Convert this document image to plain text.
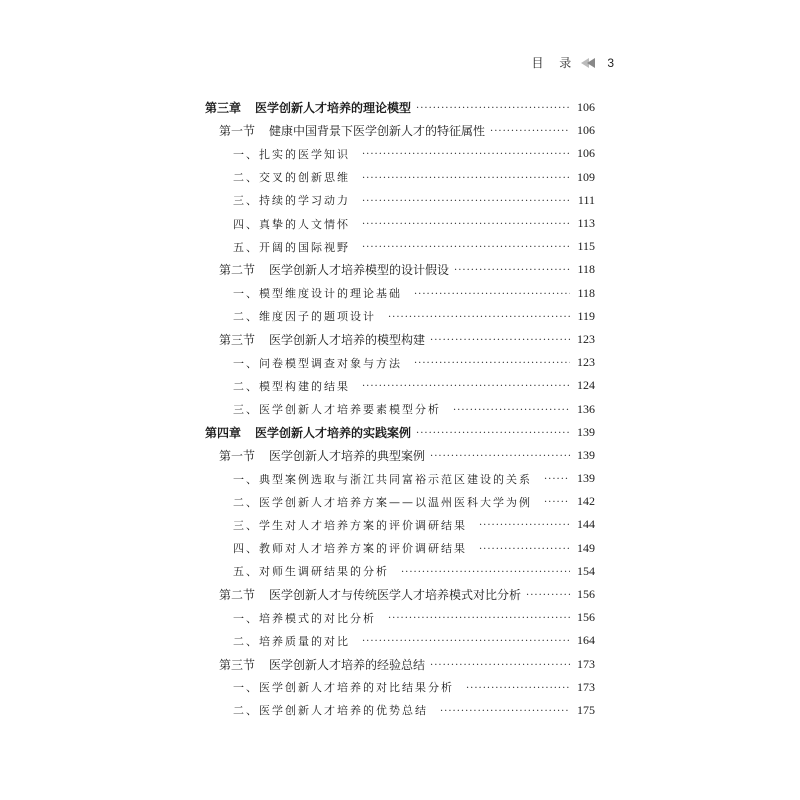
目 录	3
第三章 医学创新人才培养的理论模型 ·····	106
第一节 健康中国背景下医学创新人才的特征属性 ·····	106
一、扎实的医学知识 ·····	106
二、交叉的创新思维 ·····	109
三、持续的学习动力 ·····	111
四、真挚的人文情怀 ·····	113
五、开阔的国际视野 ·····	115
第二节 医学创新人才培养模型的设计假设 ·····	118
一、模型维度设计的理论基础 ·····	118
二、维度因子的题项设计 ·····	119
第三节 医学创新人才培养的模型构建 ·····	123
一、问卷模型调查对象与方法 ·····	123
二、模型构建的结果 ·····	124
三、医学创新人才培养要素模型分析 ·····	136
第四章 医学创新人才培养的实践案例 ·····	139
第一节 医学创新人才培养的典型案例 ·····	139
一、典型案例选取与浙江共同富裕示范区建设的关系 ·····	139
二、医学创新人才培养方案——以温州医科大学为例 ·····	142
三、学生对人才培养方案的评价调研结果 ·····	144
四、教师对人才培养方案的评价调研结果 ·····	149
五、对师生调研结果的分析 ·····	154
第二节 医学创新人才与传统医学人才培养模式对比分析 ·····	156
一、培养模式的对比分析 ·····	156
二、培养质量的对比 ·····	164
第三节 医学创新人才培养的经验总结 ·····	173
一、医学创新人才培养的对比结果分析 ·····	173
二、医学创新人才培养的优势总结 ·····	175
